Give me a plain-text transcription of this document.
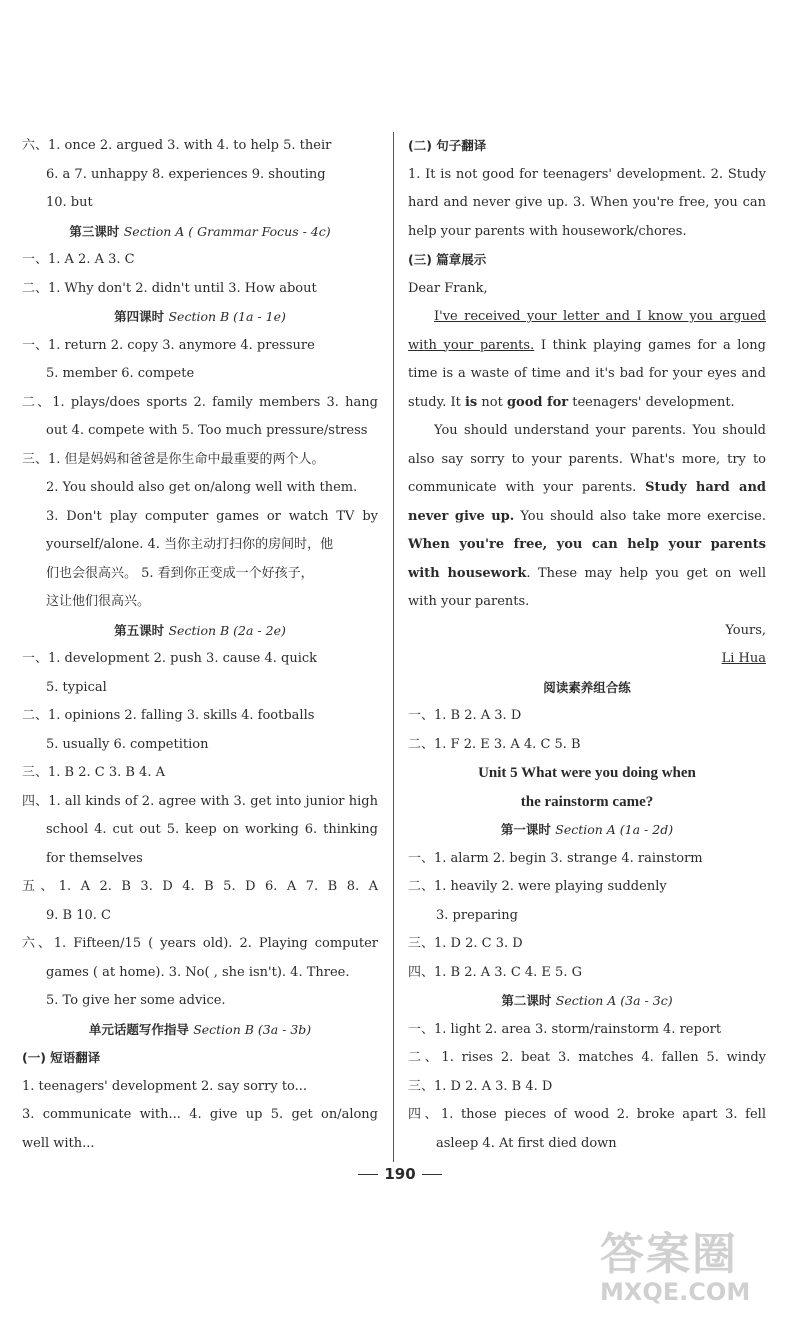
六、1. once 2. argued 3. with 4. to help 5. their
6. a 7. unhappy 8. experiences 9. shouting
10. but
第三课时 Section A ( Grammar Focus - 4c)
一、1. A 2. A 3. C
二、1. Why don't 2. didn't until 3. How about
第四课时 Section B (1a - 1e)
一、1. return 2. copy 3. anymore 4. pressure
5. member 6. compete
二、1. plays/does sports 2. family members 3. hang
out 4. compete with 5. Too much pressure/stress
三、1. 但是妈妈和爸爸是你生命中最重要的两个人。
2. You should also get on/along well with them.
3. Don't play computer games or watch TV by
yourself/alone. 4. 当你主动打扫你的房间时，他
们也会很高兴。 5. 看到你正变成一个好孩子，
这让他们很高兴。
第五课时 Section B (2a - 2e)
一、1. development 2. push 3. cause 4. quick
5. typical
二、1. opinions 2. falling 3. skills 4. footballs
5. usually 6. competition
三、1. B 2. C 3. B 4. A
四、1. all kinds of 2. agree with 3. get into junior high
school 4. cut out 5. keep on working 6. thinking
for themselves
五、1. A 2. B 3. D 4. B 5. D 6. A 7. B 8. A
9. B 10. C
六、1. Fifteen/15 ( years old). 2. Playing computer
games ( at home). 3. No( , she isn't). 4. Three.
5. To give her some advice.
单元话题写作指导 Section B (3a - 3b)
(一) 短语翻译
1. teenagers' development 2. say sorry to...
3. communicate with... 4. give up 5. get on/along
well with...
(二) 句子翻译
1. It is not good for teenagers' development. 2. Study
hard and never give up. 3. When you're free, you can
help your parents with housework/chores.
(三) 篇章展示
Dear Frank,
I've received your letter and I know you argued with your parents. I think playing games for a long time is a waste of time and it's bad for your eyes and study. It is not good for teenagers' development.
You should understand your parents. You should also say sorry to your parents. What's more, try to communicate with your parents. Study hard and never give up. You should also take more exercise. When you're free, you can help your parents with housework. These may help you get on well with your parents.
Yours,
Li Hua
阅读素养组合练
一、1. B 2. A 3. D
二、1. F 2. E 3. A 4. C 5. B
Unit 5 What were you doing when
the rainstorm came?
第一课时 Section A (1a - 2d)
一、1. alarm 2. begin 3. strange 4. rainstorm
二、1. heavily 2. were playing suddenly
3. preparing
三、1. D 2. C 3. D
四、1. B 2. A 3. C 4. E 5. G
第二课时 Section A (3a - 3c)
一、1. light 2. area 3. storm/rainstorm 4. report
二、1. rises 2. beat 3. matches 4. fallen 5. windy
三、1. D 2. A 3. B 4. D
四、1. those pieces of wood 2. broke apart 3. fell
asleep 4. At first died down
190
答案圈
MXQE.COM
